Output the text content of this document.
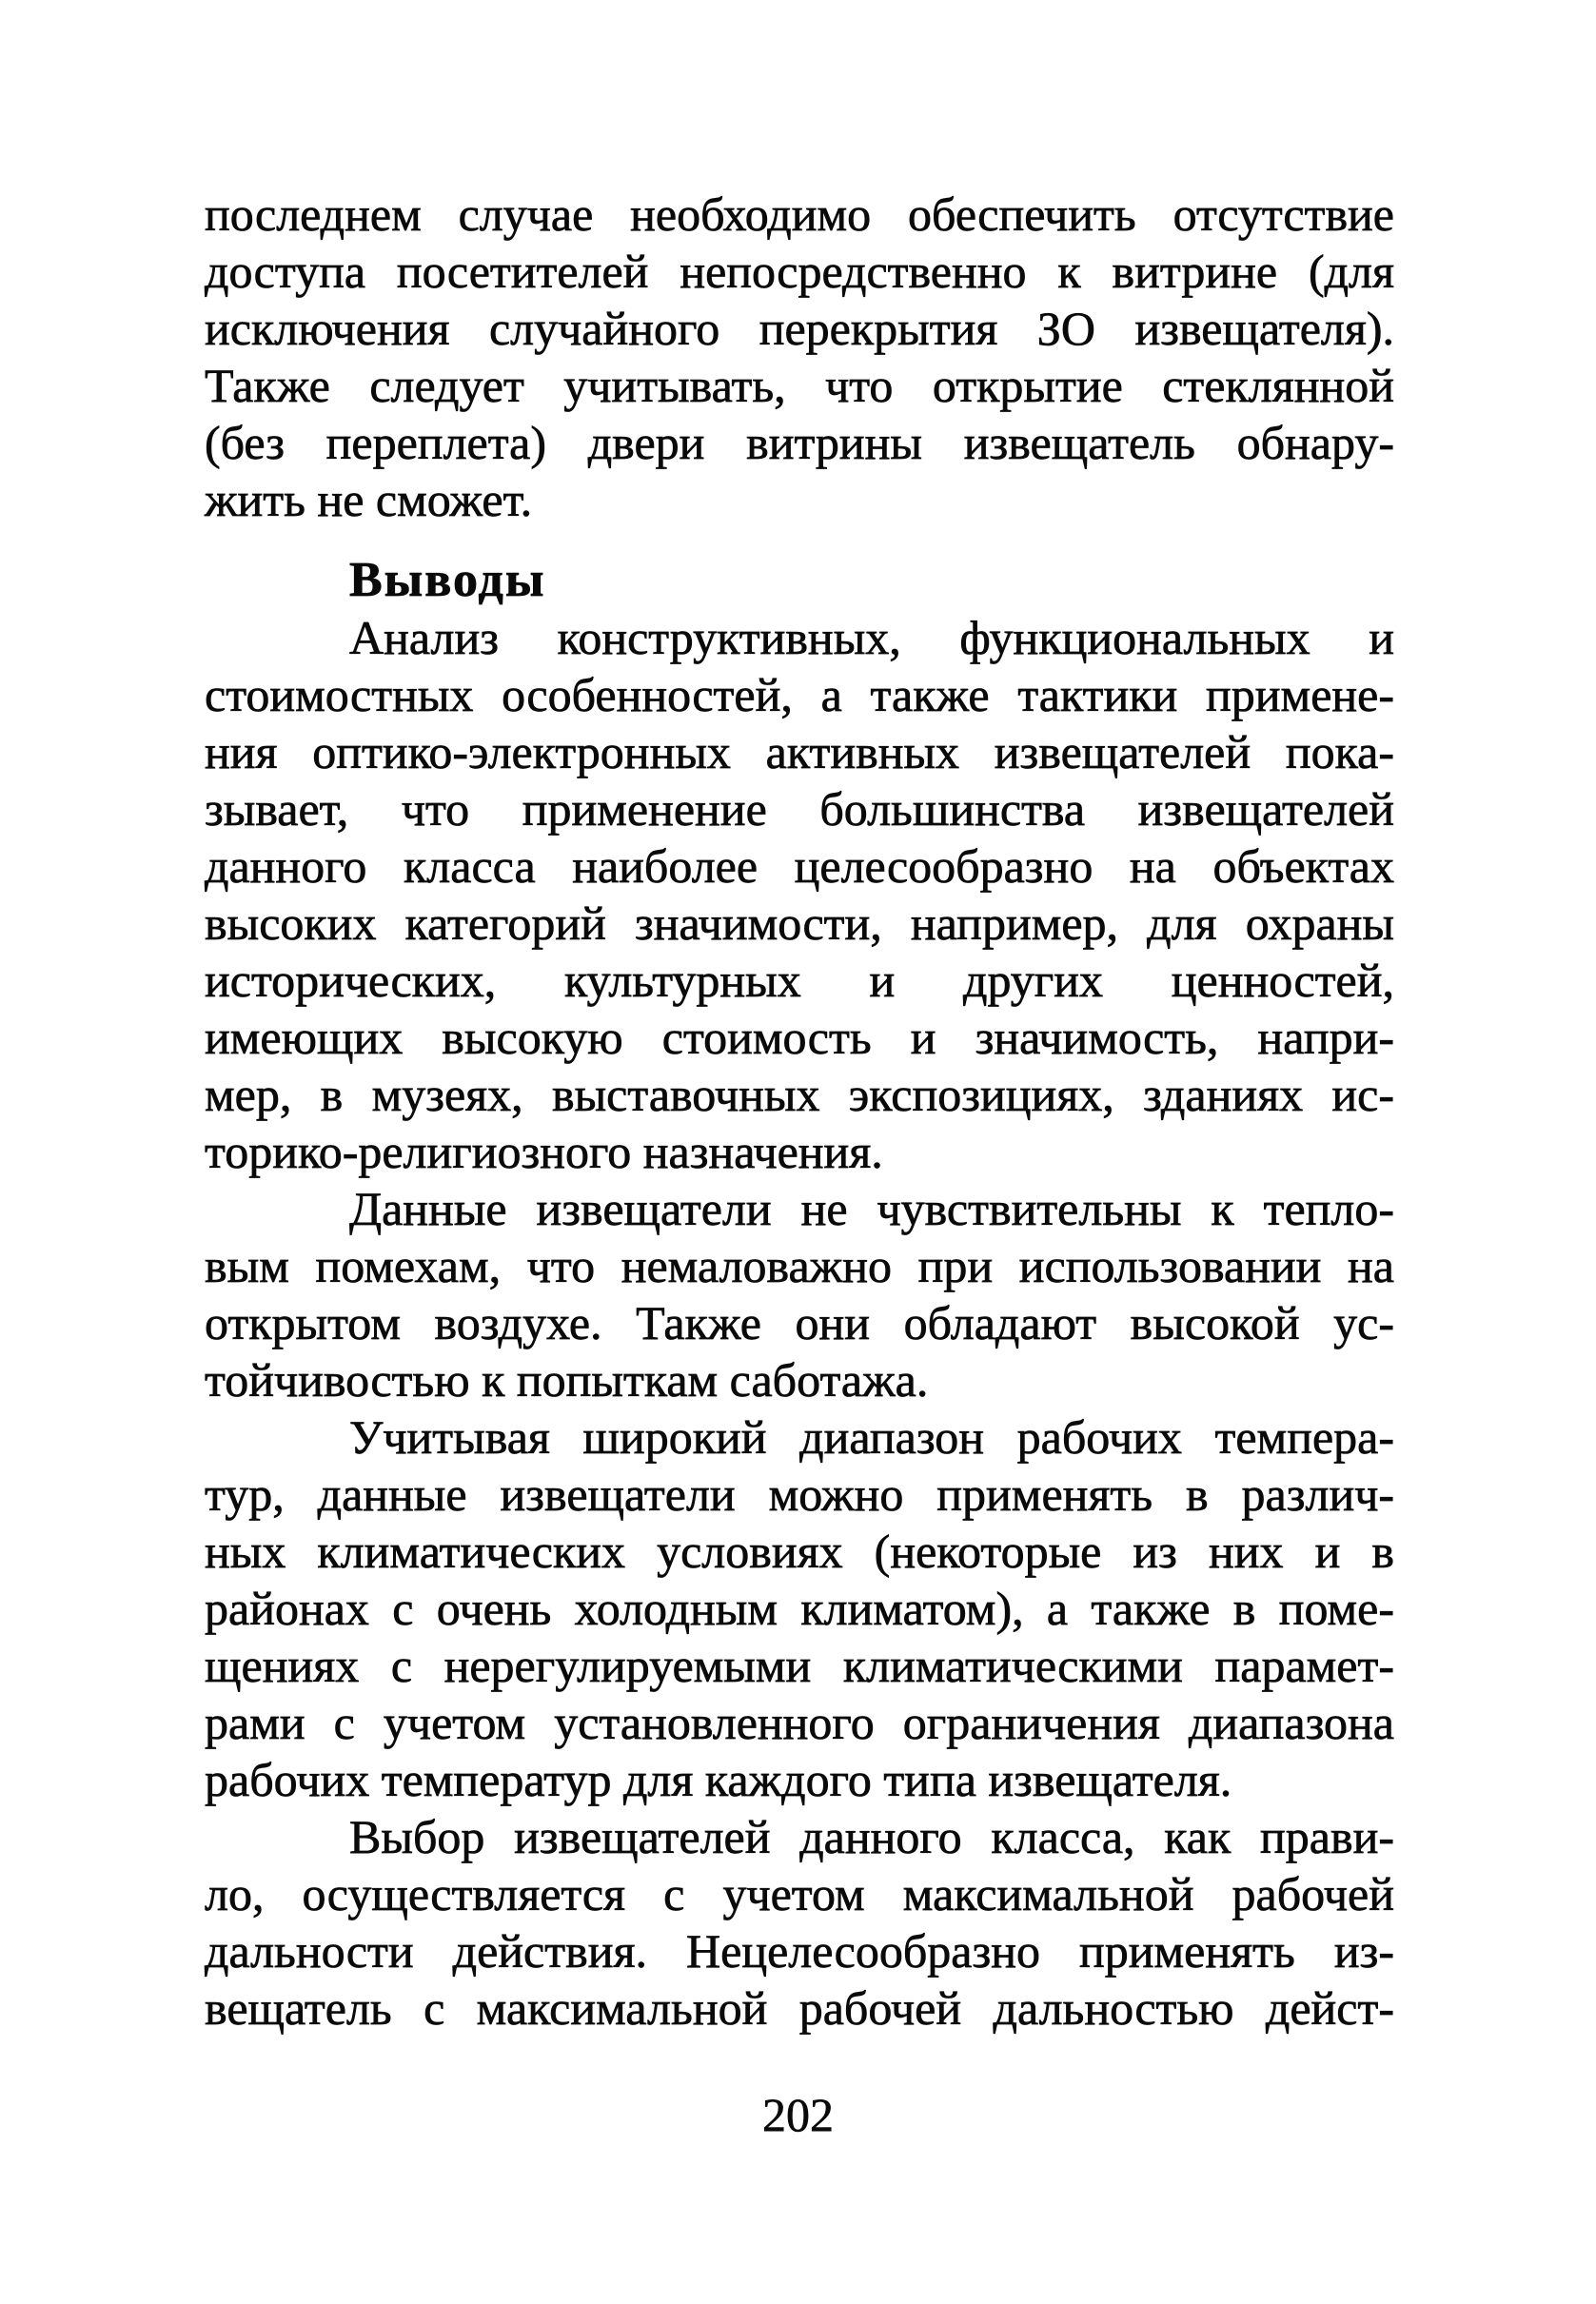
последнем случае необходимо обеспечить отсутствие
доступа посетителей непосредственно к витрине (для
исключения случайного перекрытия ЗО извещателя).
Также следует учитывать, что открытие стеклянной
(без переплета) двери витрины извещатель обнару-
жить не сможет.
Выводы
Анализ конструктивных, функциональных и
стоимостных особенностей, а также тактики примене-
ния оптико-электронных активных извещателей пока-
зывает, что применение большинства извещателей
данного класса наиболее целесообразно на объектах
высоких категорий значимости, например, для охраны
исторических, культурных и других ценностей,
имеющих высокую стоимость и значимость, напри-
мер, в музеях, выставочных экспозициях, зданиях ис-
торико-религиозного назначения.
Данные извещатели не чувствительны к тепло-
вым помехам, что немаловажно при использовании на
открытом воздухе. Также они обладают высокой ус-
тойчивостью к попыткам саботажа.
Учитывая широкий диапазон рабочих темпера-
тур, данные извещатели можно применять в различ-
ных климатических условиях (некоторые из них и в
районах с очень холодным климатом), а также в поме-
щениях с нерегулируемыми климатическими парамет-
рами с учетом установленного ограничения диапазона
рабочих температур для каждого типа извещателя.
Выбор извещателей данного класса, как прави-
ло, осуществляется с учетом максимальной рабочей
дальности действия. Нецелесообразно применять из-
вещатель с максимальной рабочей дальностью дейст-
202
